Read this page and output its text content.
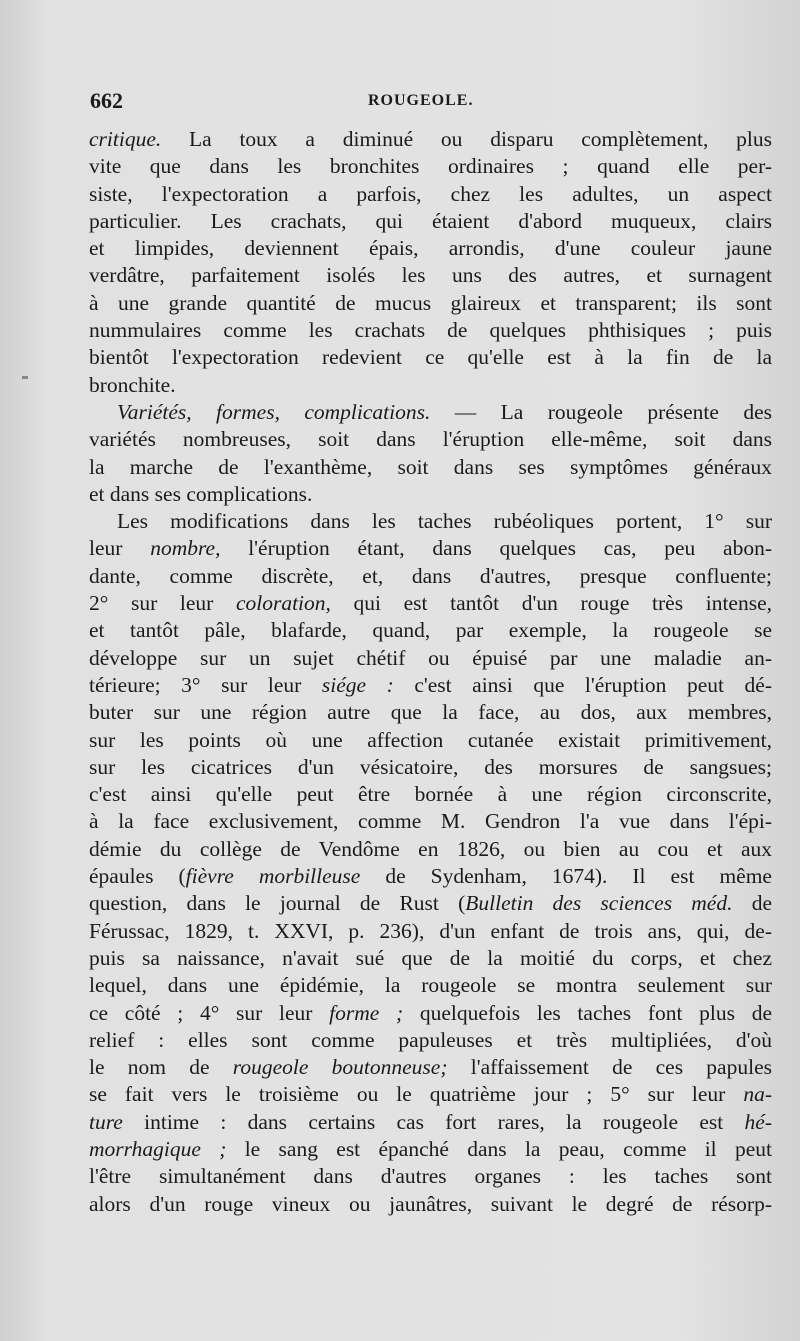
662	ROUGEOLE.
critique. La toux a diminué ou disparu complètement, plus
vite que dans les bronchites ordinaires ; quand elle per-
siste, l'expectoration a parfois, chez les adultes, un aspect
particulier. Les crachats, qui étaient d'abord muqueux, clairs
et limpides, deviennent épais, arrondis, d'une couleur jaune
verdâtre, parfaitement isolés les uns des autres, et surnagent
à une grande quantité de mucus glaireux et transparent; ils sont
nummulaires comme les crachats de quelques phthisiques ; puis
bientôt l'expectoration redevient ce qu'elle est à la fin de la
bronchite.
Variétés, formes, complications. — La rougeole présente des
variétés nombreuses, soit dans l'éruption elle-même, soit dans
la marche de l'exanthème, soit dans ses symptômes généraux
et dans ses complications.
Les modifications dans les taches rubéoliques portent, 1° sur
leur nombre, l'éruption étant, dans quelques cas, peu abon-
dante, comme discrète, et, dans d'autres, presque confluente;
2° sur leur coloration, qui est tantôt d'un rouge très intense,
et tantôt pâle, blafarde, quand, par exemple, la rougeole se
développe sur un sujet chétif ou épuisé par une maladie an-
térieure; 3° sur leur siége : c'est ainsi que l'éruption peut dé-
buter sur une région autre que la face, au dos, aux membres,
sur les points où une affection cutanée existait primitivement,
sur les cicatrices d'un vésicatoire, des morsures de sangsues;
c'est ainsi qu'elle peut être bornée à une région circonscrite,
à la face exclusivement, comme M. Gendron l'a vue dans l'épi-
démie du collège de Vendôme en 1826, ou bien au cou et aux
épaules (fièvre morbilleuse de Sydenham, 1674). Il est même
question, dans le journal de Rust (Bulletin des sciences méd. de
Férussac, 1829, t. XXVI, p. 236), d'un enfant de trois ans, qui, de-
puis sa naissance, n'avait sué que de la moitié du corps, et chez
lequel, dans une épidémie, la rougeole se montra seulement sur
ce côté ; 4° sur leur forme ; quelquefois les taches font plus de
relief : elles sont comme papuleuses et très multipliées, d'où
le nom de rougeole boutonneuse; l'affaissement de ces papules
se fait vers le troisième ou le quatrième jour ; 5° sur leur na-
ture intime : dans certains cas fort rares, la rougeole est hé-
morrhagique ; le sang est épanché dans la peau, comme il peut
l'être simultanément dans d'autres organes : les taches sont
alors d'un rouge vineux ou jaunâtres, suivant le degré de résorp-
